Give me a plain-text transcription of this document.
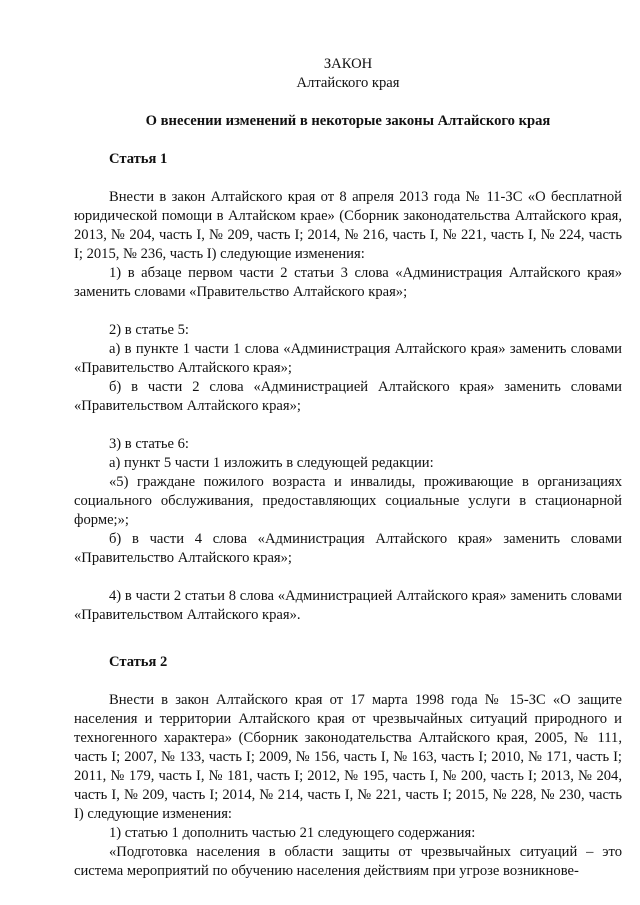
ЗАКОН

Алтайского края

О внесении изменений в некоторые законы Алтайского края

Статья 1

Внести в закон Алтайского края от 8 апреля 2013 года № 11-ЗС «О бесплатной юридической помощи в Алтайском крае» (Сборник законодательства Алтайского края, 2013, № 204, часть I, № 209, часть I; 2014, № 216, часть I, № 221, часть I, № 224, часть I; 2015, № 236, часть I) следующие изменения:

1) в абзаце первом части 2 статьи 3 слова «Администрация Алтайского края» заменить словами «Правительство Алтайского края»;

2) в статье 5:

а) в пункте 1 части 1 слова «Администрация Алтайского края» заменить словами «Правительство Алтайского края»;

б) в части 2 слова «Администрацией Алтайского края» заменить словами «Правительством Алтайского края»;

3) в статье 6:

а) пункт 5 части 1 изложить в следующей редакции:

«5) граждане пожилого возраста и инвалиды, проживающие в организациях социального обслуживания, предоставляющих социальные услуги в стационарной форме;»;

б) в части 4 слова «Администрация Алтайского края» заменить словами «Правительство Алтайского края»;

4) в части 2 статьи 8 слова «Администрацией Алтайского края» заменить словами «Правительством Алтайского края».

Статья 2

Внести в закон Алтайского края от 17 марта 1998 года № 15-ЗС «О защите населения и территории Алтайского края от чрезвычайных ситуаций природного и техногенного характера» (Сборник законодательства Алтайского края, 2005, № 111, часть I; 2007, № 133, часть I; 2009, № 156, часть I, № 163, часть I; 2010, № 171, часть I; 2011, № 179, часть I, № 181, часть I; 2012, № 195, часть I, № 200, часть I; 2013, № 204, часть I, № 209, часть I; 2014, № 214, часть I, № 221, часть I; 2015, № 228, № 230, часть I) следующие изменения:

1) статью 1 дополнить частью 21 следующего содержания:

«Подготовка населения в области защиты от чрезвычайных ситуаций – это система мероприятий по обучению населения действиям при угрозе возникнове-
